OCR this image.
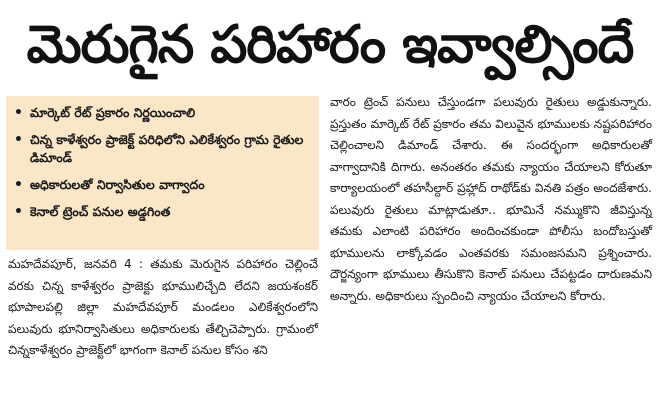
మెరుగైన పరిహారం ఇవ్వాల్సిందే
• మార్కెట్ రేట్ ప్రకారం నిర్ణయించాలి
• చిన్న కాళేశ్వరం ప్రాజెక్ట్ పరిధిలోని ఎలికేశ్వరం గ్రామ రైతుల డిమాండ్
• అధికారులతో నిర్వాసితుల వాగ్వాదం
• కెనాల్ ట్రెంచ్ పనుల అడ్డగింత

మహదేవపూర్, జనవరి 4 : తమకు మెరుగైన పరిహారం చెల్లించే వరకు చిన్న కాళేశ్వరం ప్రాజెక్టు భూములిచ్చేది లేదని జయశంకర్ భూపాలపల్లి జిల్లా మహదేవపూర్ మండలం ఎలికేశ్వరంలోని పలువురు భూనిర్వాసితులు అధికారులకు తేల్చిచెప్పారు. గ్రామంలో చిన్నకాళేశ్వరం ప్రాజెక్ట్‌లో భాగంగా కెనాల్ పనుల కోసం శని

వారం ట్రెంచ్ పనులు చేస్తుండగా పలువురు రైతులు అడ్డుకున్నారు. ప్రస్తుతం మార్కెట్ రేట్ ప్రకారం తమ విలువైన భూములకు నష్టపరిహారం చెల్లించాలని డిమాండ్ చేశారు. ఈ సందర్భంగా అధికారులతో వాగ్వాదానికి దిగారు. అనంతరం తమకు న్యాయం చేయాలని కోరుతూ కార్యాలయంలో తహసీల్దార్ ప్రహ్లాద్ రాథోడ్‌కు వినతి పత్రం అందజేశారు. పలువురు రైతులు మాట్లాడుతూ.. భూమినే నమ్ముకొని జీవిస్తున్న తమకు ఎలాంటి పరిహారం అందించకుండా పోలీసు బందోబస్తుతో భూములను లాక్కోవడం ఎంతవరకు సమంజసమని ప్రశ్నించారు. దౌర్జన్యంగా భూములు తీసుకొని కెనాల్ పనులు చేపట్టడం దారుణమని అన్నారు. అధికారులు స్పందించి న్యాయం చేయాలని కోరారు.
